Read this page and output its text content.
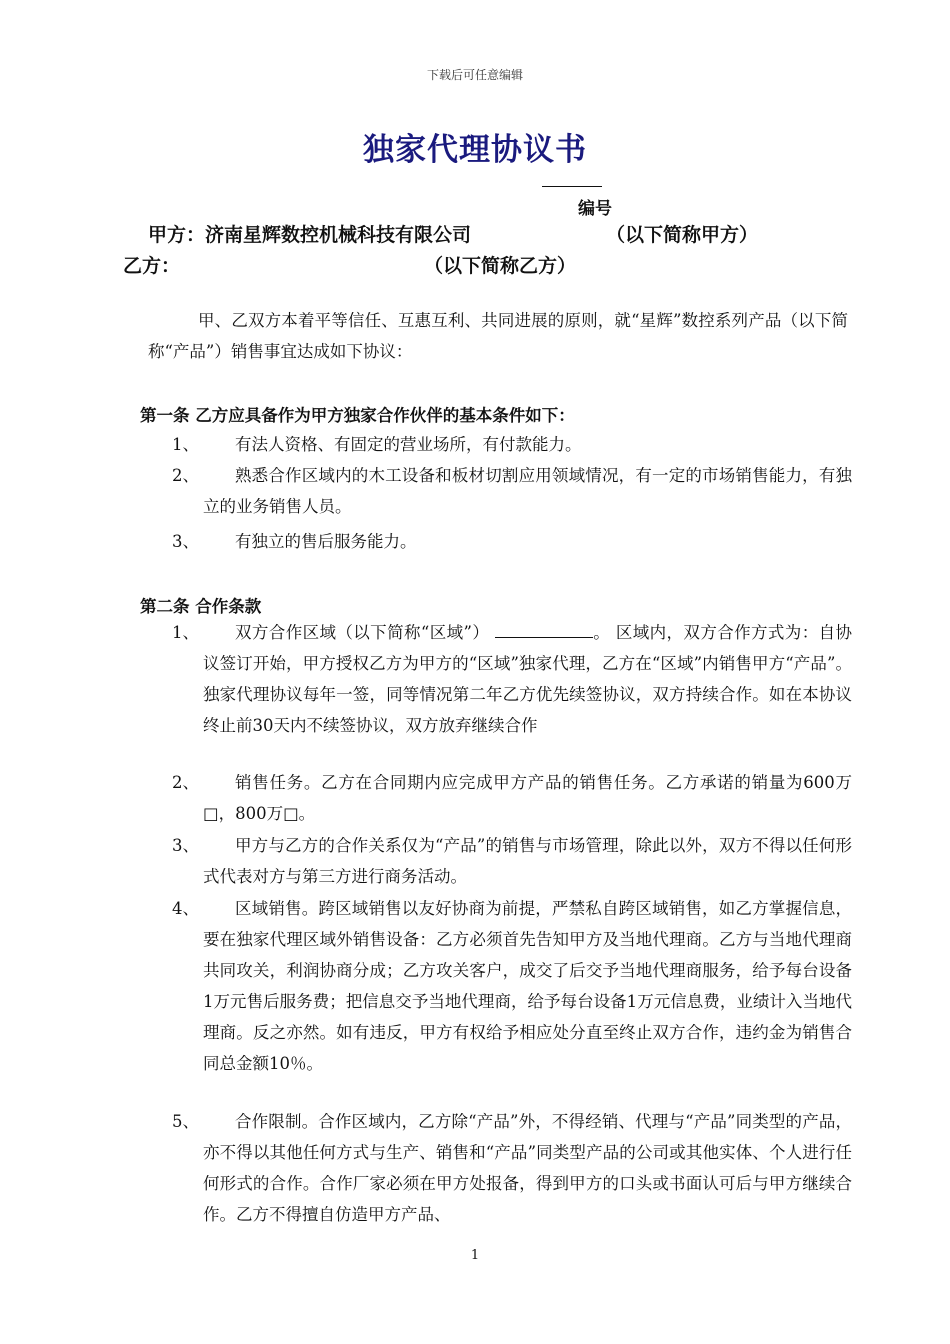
下载后可任意编辑
独家代理协议书
编号
甲方：济南星辉数控机械科技有限公司	（以下简称甲方）
乙方：	（以下简称乙方）
甲、乙双方本着平等信任、互惠互利、共同进展的原则，就“星辉”数控系列产品（以下简称“产品”）销售事宜达成如下协议：
第一条 乙方应具备作为甲方独家合作伙伴的基本条件如下：
1、	有法人资格、有固定的营业场所，有付款能力。
2、	熟悉合作区域内的木工设备和板材切割应用领域情况，有一定的市场销售能力，有独立的业务销售人员。
3、	有独立的售后服务能力。
第二条 合作条款
1、	双方合作区域（以下简称“区域”）	。 区域内，双方合作方式为：自协议签订开始，甲方授权乙方为甲方的“区域”独家代理，乙方在“区域”内销售甲方“产品”。独家代理协议每年一签，同等情况第二年乙方优先续签协议，双方持续合作。如在本协议终止前30天内不续签协议，双方放弃继续合作
2、	销售任务。乙方在合同期内应完成甲方产品的销售任务。乙方承诺的销量为600万□，800万□。
3、	甲方与乙方的合作关系仅为“产品”的销售与市场管理，除此以外，双方不得以任何形式代表对方与第三方进行商务活动。
4、	区域销售。跨区域销售以友好协商为前提，严禁私自跨区域销售，如乙方掌握信息，要在独家代理区域外销售设备：乙方必须首先告知甲方及当地代理商。乙方与当地代理商共同攻关，利润协商分成；乙方攻关客户，成交了后交予当地代理商服务，给予每台设备1万元售后服务费；把信息交予当地代理商，给予每台设备1万元信息费，业绩计入当地代理商。反之亦然。如有违反，甲方有权给予相应处分直至终止双方合作，违约金为销售合同总金额10％。
5、	合作限制。合作区域内，乙方除“产品”外，不得经销、代理与“产品”同类型的产品，亦不得以其他任何方式与生产、销售和“产品”同类型产品的公司或其他实体、个人进行任何形式的合作。合作厂家必须在甲方处报备，得到甲方的口头或书面认可后与甲方继续合作。乙方不得擅自仿造甲方产品、
1
